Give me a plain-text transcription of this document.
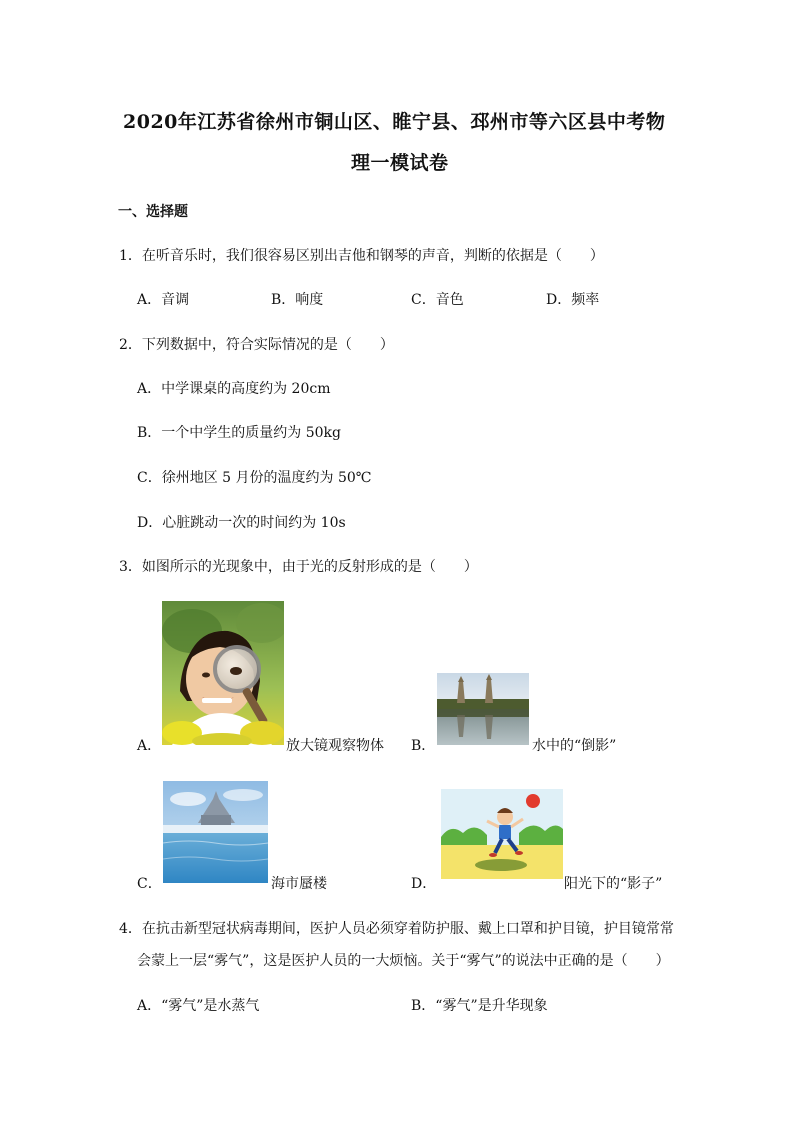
2020年江苏省徐州市铜山区、睢宁县、邳州市等六区县中考物
理一模试卷
一、选择题
1．在听音乐时，我们很容易区别出吉他和钢琴的声音，判断的依据是（　　）
A．音调	B．响度	C．音色	D．频率
2．下列数据中，符合实际情况的是（　　）
A．中学课桌的高度约为 20cm
B．一个中学生的质量约为 50kg
C．徐州地区 5 月份的温度约为 50℃
D．心脏跳动一次的时间约为 10s
3．如图所示的光现象中，由于光的反射形成的是（　　）
A．	放大镜观察物体 B．	水中的“倒影”
C．	海市蜃楼	D．	阳光下的“影子”
4．在抗击新型冠状病毒期间，医护人员必须穿着防护服、戴上口罩和护目镜，护目镜常常
会蒙上一层“雾气”，这是医护人员的一大烦恼。关于“雾气”的说法中正确的是（　　）
A．“雾气”是水蒸气	B．“雾气”是升华现象
